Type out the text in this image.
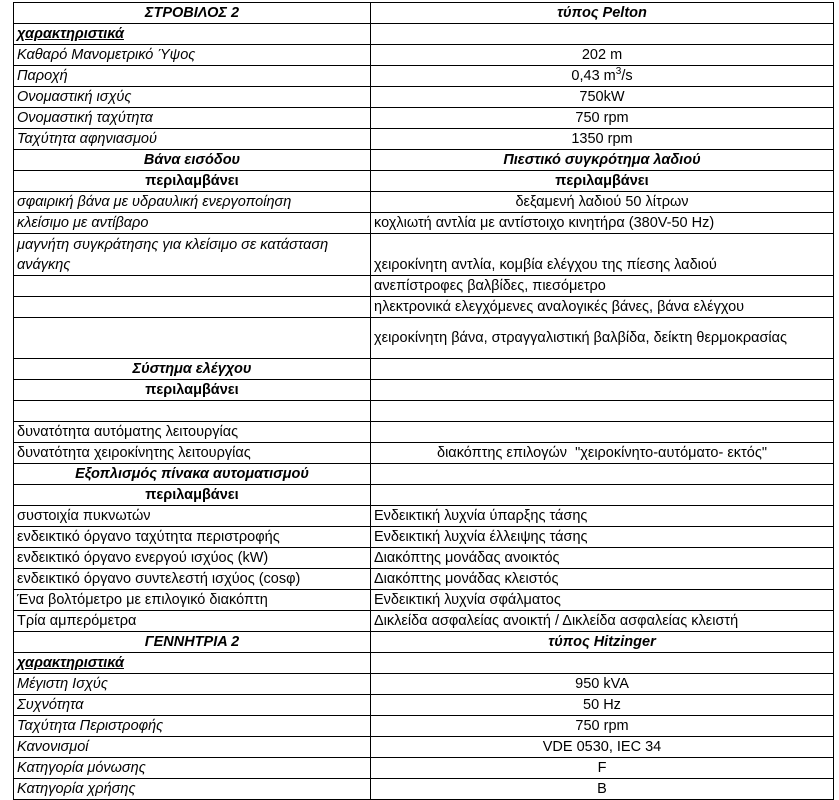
ΣΤΡΟΒΙΛΟΣ 2	τύπος Pelton
χαρακτηριστικά	
Καθαρό Μανομετρικό Ύψος	202 m
Παροχή	0,43 $m^3/s$
Ονομαστική ισχύς	750kW
Ονομαστική ταχύτητα	750 rpm
Ταχύτητα αφηνιασμού	1350 rpm
Βάνα εισόδου	Πιεστικό συγκρότημα λαδιού
περιλαμβάνει	περιλαμβάνει
σφαιρική βάνα με υδραυλική ενεργοποίηση	δεξαμενή λαδιού 50 λίτρων
κλείσιμο με αντίβαρο	κοχλιωτή αντλία με αντίστοιχο κινητήρα (380V-50 Hz)
μαγνήτη συγκράτησης για κλείσιμο σε κατάσταση ανάγκης	χειροκίνητη αντλία, κομβία ελέγχου της πίεσης λαδιού
	ανεπίστροφες βαλβίδες, πιεσόμετρο
	ηλεκτρονικά ελεγχόμενες αναλογικές βάνες, βάνα ελέγχου
	χειροκίνητη βάνα, στραγγαλιστική βαλβίδα, δείκτη θερμοκρασίας
Σύστημα ελέγχου	
περιλαμβάνει	

δυνατότητα αυτόματης λειτουργίας	
δυνατότητα χειροκίνητης λειτουργίας	διακόπτης επιλογών  "χειροκίνητο-αυτόματο- εκτός"
Εξοπλισμός πίνακα αυτοματισμού	
περιλαμβάνει	
συστοιχία πυκνωτών	Ενδεικτική λυχνία ύπαρξης τάσης
ενδεικτικό όργανο ταχύτητα περιστροφής	Ενδεικτική λυχνία έλλειψης τάσης
ενδεικτικό όργανο ενεργού ισχύος (kW)	Διακόπτης μονάδας ανοικτός
ενδεικτικό όργανο συντελεστή ισχύος (cosφ)	Διακόπτης μονάδας κλειστός
Ένα βολτόμετρο με επιλογικό διακόπτη	Ενδεικτική λυχνία σφάλματος
Τρία αμπερόμετρα	Δικλείδα ασφαλείας ανοικτή / Δικλείδα ασφαλείας κλειστή
ΓΕΝΝΗΤΡΙΑ 2	τύπος Hitzinger
χαρακτηριστικά	
Μέγιστη Ισχύς	950 kVA
Συχνότητα	50 Hz
Ταχύτητα Περιστροφής	750 rpm
Κανονισμοί	VDE 0530, IEC 34
Κατηγορία μόνωσης	F
Κατηγορία χρήσης	B
